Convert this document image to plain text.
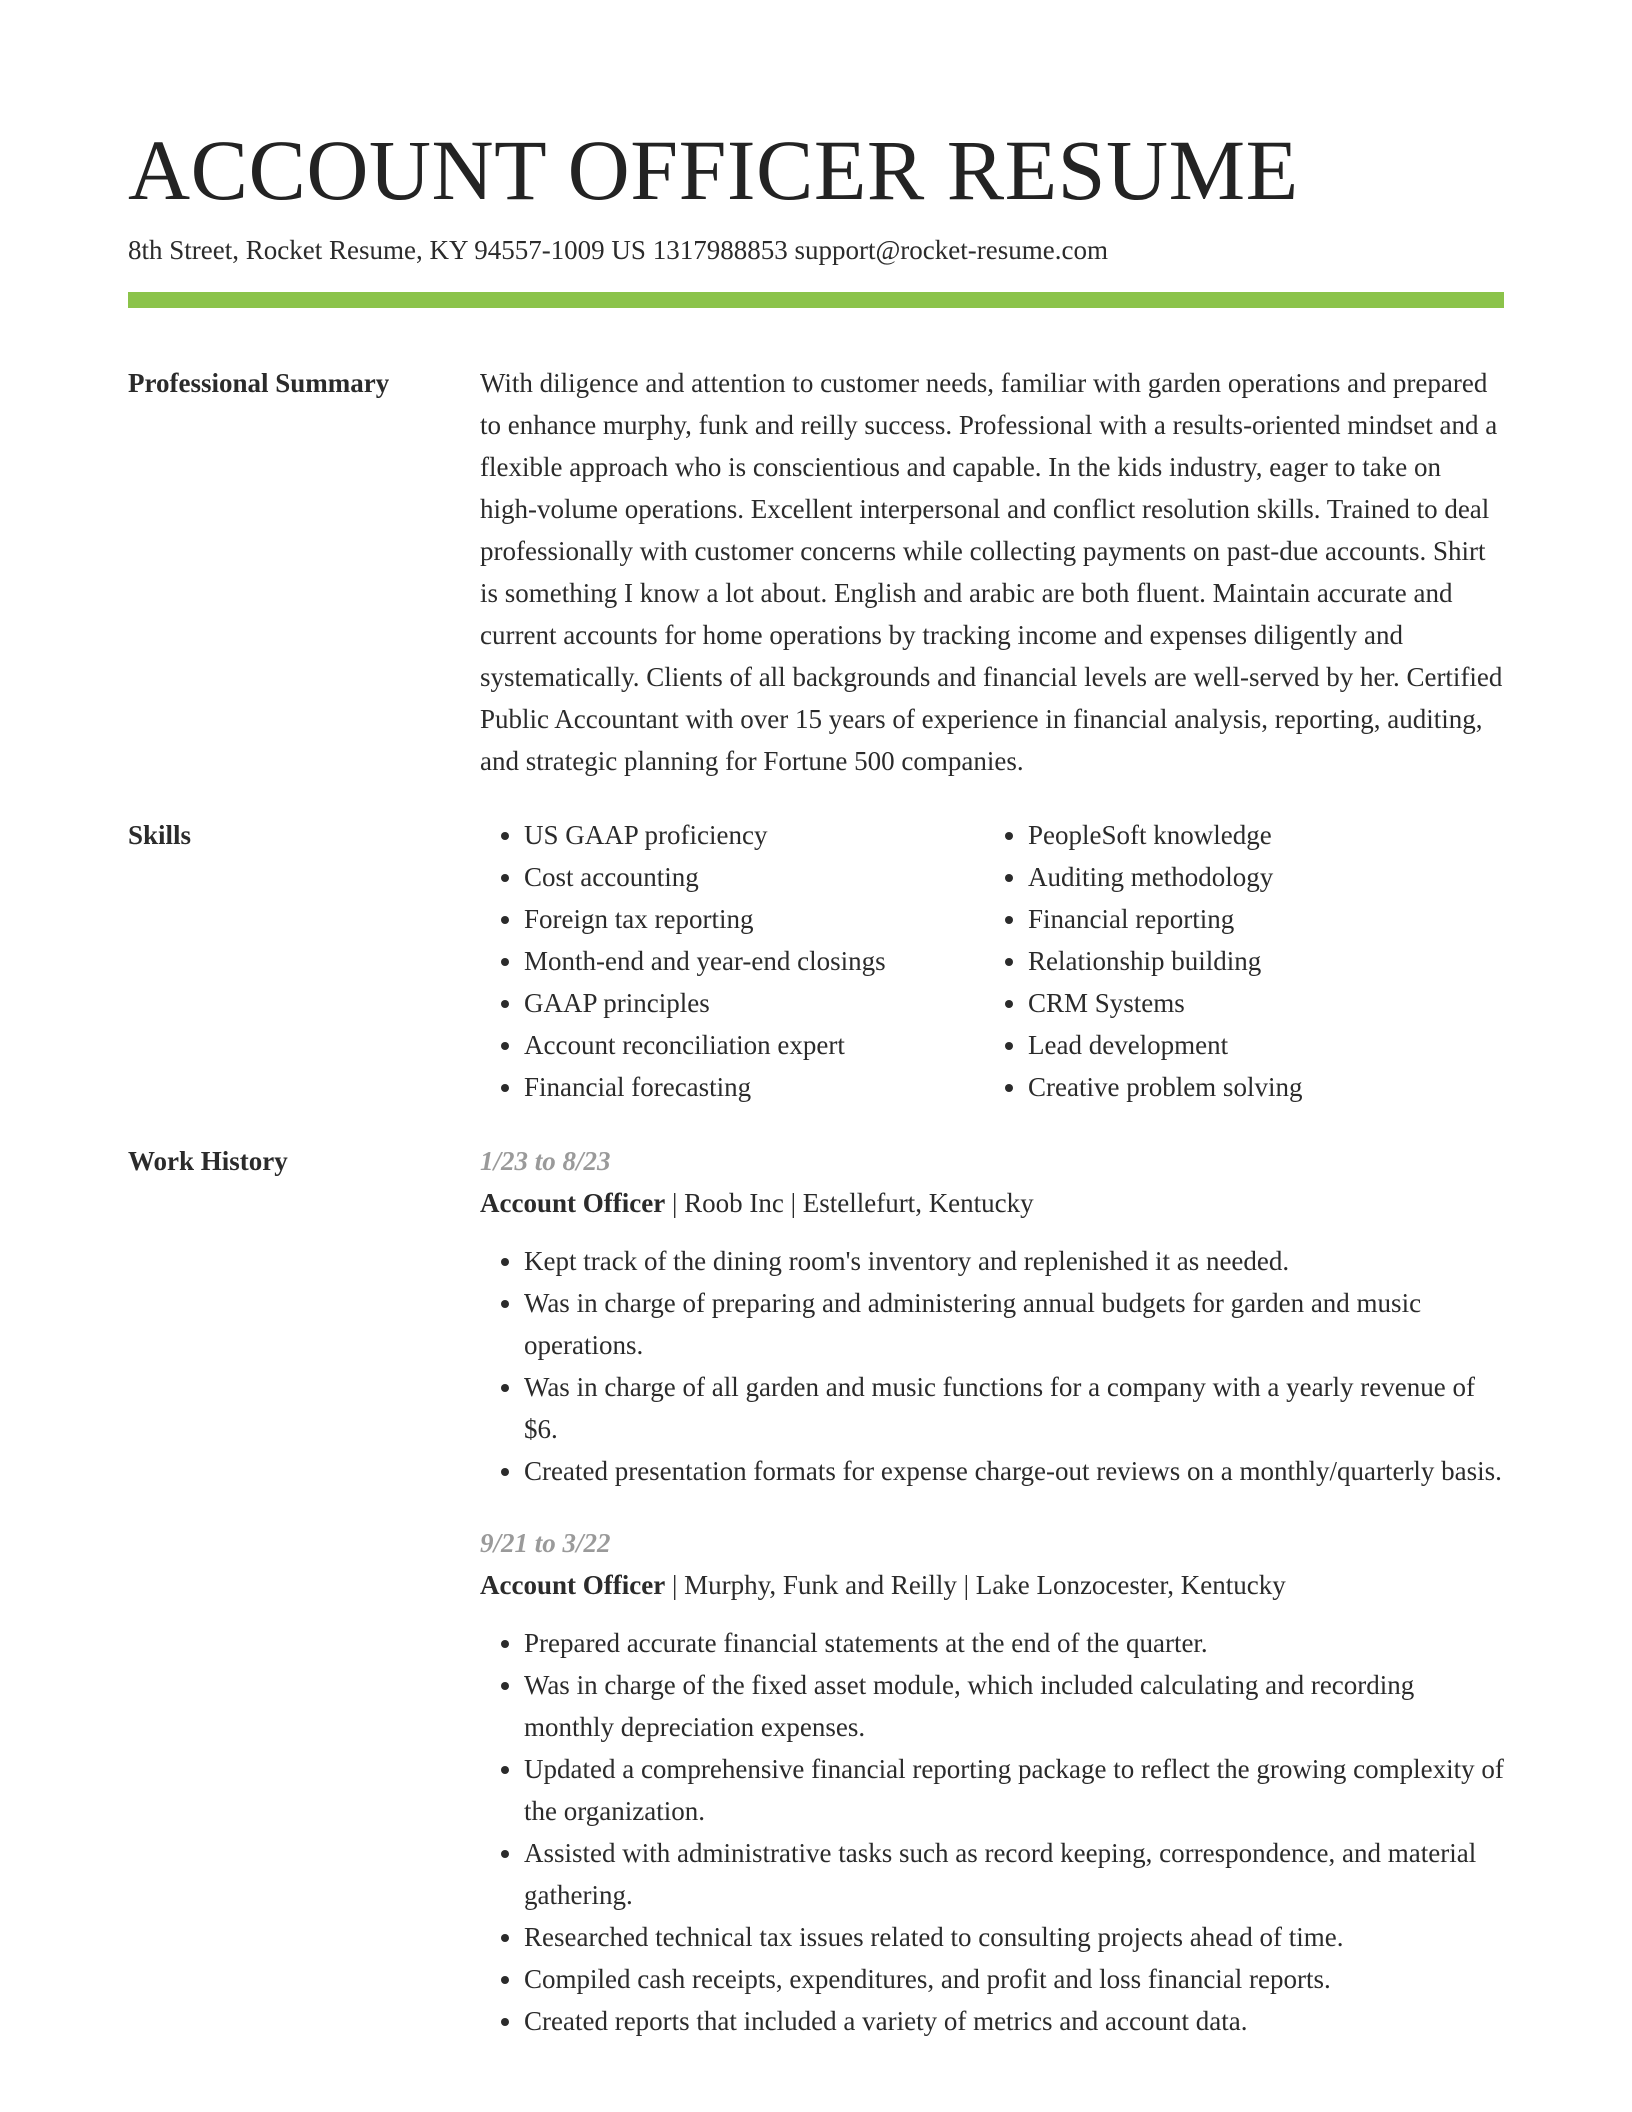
ACCOUNT OFFICER RESUME
8th Street, Rocket Resume, KY 94557-1009 US 1317988853 support@rocket-resume.com
Professional Summary	With diligence and attention to customer needs, familiar with garden operations and prepared to enhance murphy, funk and reilly success. Professional with a results-oriented mindset and a flexible approach who is conscientious and capable. In the kids industry, eager to take on high-volume operations. Excellent interpersonal and conflict resolution skills. Trained to deal professionally with customer concerns while collecting payments on past-due accounts. Shirt is something I know a lot about. English and arabic are both fluent. Maintain accurate and current accounts for home operations by tracking income and expenses diligently and systematically. Clients of all backgrounds and financial levels are well-served by her. Certified Public Accountant with over 15 years of experience in financial analysis, reporting, auditing, and strategic planning for Fortune 500 companies.

Skills
•	US GAAP proficiency
• Cost accounting
• Foreign tax reporting
• Month-end and year-end closings
• GAAP principles
• Account reconciliation expert
• Financial forecasting
• PeopleSoft knowledge
• Auditing methodology
• Financial reporting
• Relationship building
• CRM Systems
• Lead development
• Creative problem solving
Work History	1/23 to 8/23
Account Officer | Roob Inc | Estellefurt, Kentucky
• Kept track of the dining room's inventory and replenished it as needed.
• Was in charge of preparing and administering annual budgets for garden and music operations.
• Was in charge of all garden and music functions for a company with a yearly revenue of $6.
• Created presentation formats for expense charge-out reviews on a monthly/quarterly basis.
9/21 to 3/22
Account Officer | Murphy, Funk and Reilly | Lake Lonzocester, Kentucky
• Prepared accurate financial statements at the end of the quarter.
• Was in charge of the fixed asset module, which included calculating and recording monthly depreciation expenses.
• Updated a comprehensive financial reporting package to reflect the growing complexity of the organization.
• Assisted with administrative tasks such as record keeping, correspondence, and material gathering.
• Researched technical tax issues related to consulting projects ahead of time.
• Compiled cash receipts, expenditures, and profit and loss financial reports.
• Created reports that included a variety of metrics and account data.
